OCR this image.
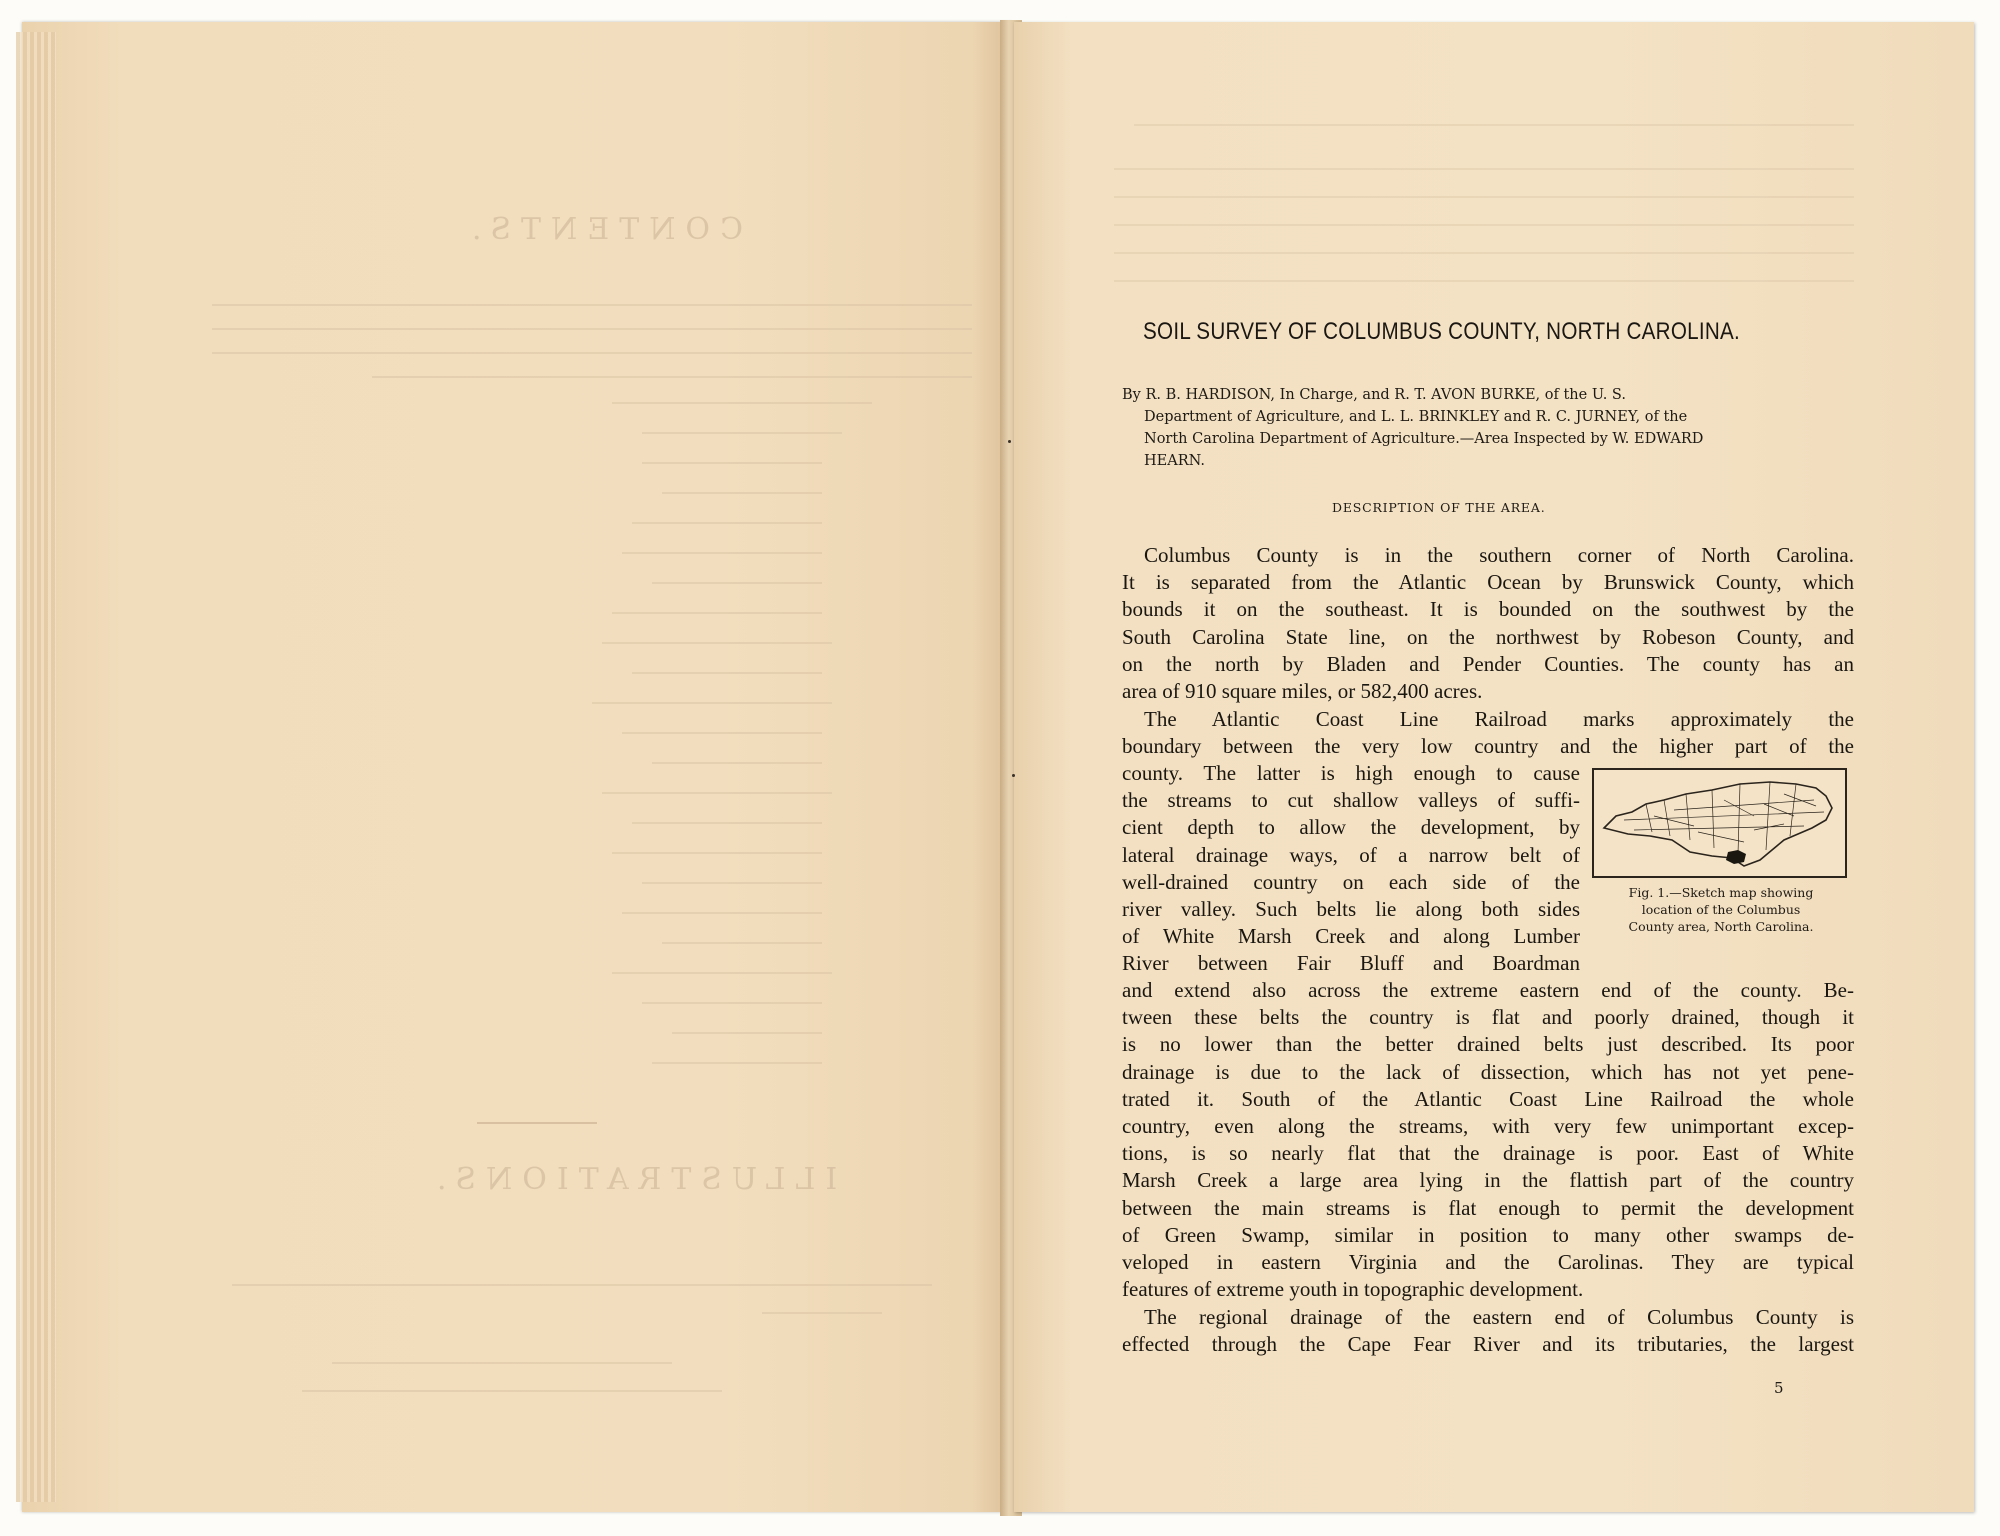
CONTENTS.
ILLUSTRATIONS.
SOIL SURVEY OF COLUMBUS COUNTY, NORTH CAROLINA.
By R. B. HARDISON, In Charge, and R. T. AVON BURKE, of the U. S.
Department of Agriculture, and L. L. BRINKLEY and R. C. JURNEY, of the
North Carolina Department of Agriculture.—Area Inspected by W. EDWARD
HEARN.
DESCRIPTION OF THE AREA.
Columbus County is in the southern corner of North Carolina.
It is separated from the Atlantic Ocean by Brunswick County, which
bounds it on the southeast. It is bounded on the southwest by the
South Carolina State line, on the northwest by Robeson County, and
on the north by Bladen and Pender Counties. The county has an
area of 910 square miles, or 582,400 acres.
The Atlantic Coast Line Railroad marks approximately the
boundary between the very low country and the higher part of the
county. The latter is high enough to cause
the streams to cut shallow valleys of suffi-
cient depth to allow the development, by
lateral drainage ways, of a narrow belt of
well-drained country on each side of the
river valley. Such belts lie along both sides
of White Marsh Creek and along Lumber
River between Fair Bluff and Boardman
Fig. 1.—Sketch map showing
location of the Columbus
County area, North Carolina.
and extend also across the extreme eastern end of the county. Be-
tween these belts the country is flat and poorly drained, though it
is no lower than the better drained belts just described. Its poor
drainage is due to the lack of dissection, which has not yet pene-
trated it. South of the Atlantic Coast Line Railroad the whole
country, even along the streams, with very few unimportant excep-
tions, is so nearly flat that the drainage is poor. East of White
Marsh Creek a large area lying in the flattish part of the country
between the main streams is flat enough to permit the development
of Green Swamp, similar in position to many other swamps de-
veloped in eastern Virginia and the Carolinas. They are typical
features of extreme youth in topographic development.
The regional drainage of the eastern end of Columbus County is
effected through the Cape Fear River and its tributaries, the largest
5
